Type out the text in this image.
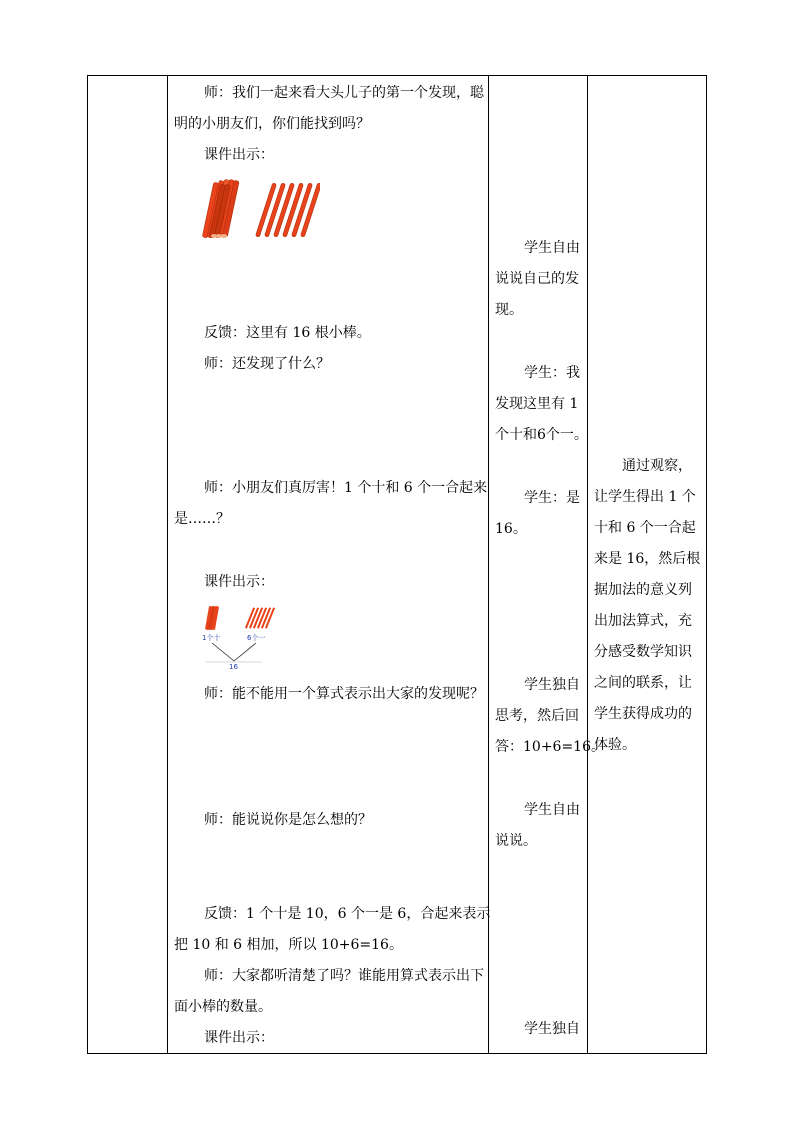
师：我们一起来看大头儿子的第一个发现，聪
明的小朋友们，你们能找到吗？
课件出示：
反馈：这里有 16 根小棒。
师：还发现了什么？
师：小朋友们真厉害！1 个十和 6 个一合起来
是……？
课件出示：
1个十	6个一
16
师：能不能用一个算式表示出大家的发现呢？
师：能说说你是怎么想的？
反馈：1 个十是 10，6 个一是 6，合起来表示
把 10 和 6 相加，所以 10+6=16。
师：大家都听清楚了吗？谁能用算式表示出下
面小棒的数量。
课件出示：
学生自由
说说自己的发
现。
学生：我
发现这里有 1
个十和6个一。
学生：是
16。
学生独自
思考，然后回
答：10+6=16。
学生自由
说说。
学生独自
通过观察，
让学生得出 1 个
十和 6 个一合起
来是 16，然后根
据加法的意义列
出加法算式，充
分感受数学知识
之间的联系，让
学生获得成功的
体验。
